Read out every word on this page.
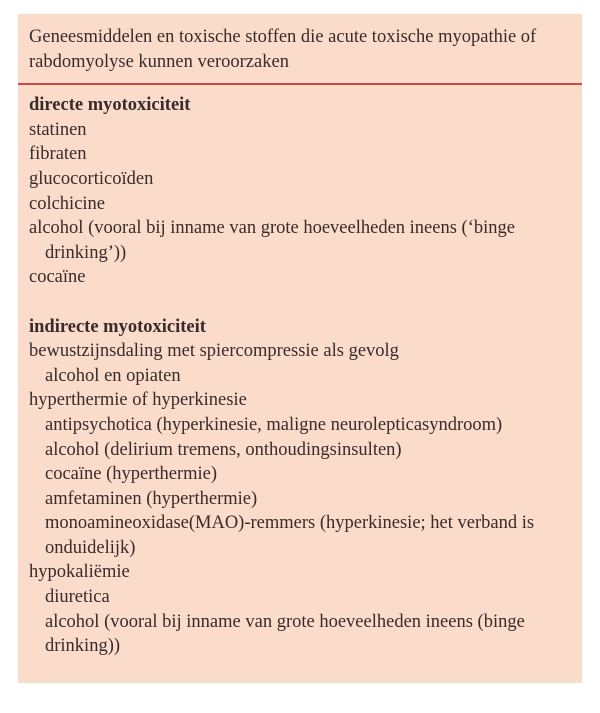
Geneesmiddelen en toxische stoffen die acute toxische myopathie of rabdomyolyse kunnen veroorzaken
directe myotoxiciteit
statinen
fibraten
glucocorticoïden
colchicine
alcohol (vooral bij inname van grote hoeveelheden ineens (‘binge drinking’))
cocaïne
indirecte myotoxiciteit
bewustzijnsdaling met spiercompressie als gevolg
alcohol en opiaten
hyperthermie of hyperkinesie
antipsychotica (hyperkinesie, maligne neurolepticasyndroom)
alcohol (delirium tremens, onthoudingsinsulten)
cocaïne (hyperthermie)
amfetaminen (hyperthermie)
monoamineoxidase(MAO)-remmers (hyperkinesie; het verband is onduidelijk)
hypokaliëmie
diuretica
alcohol (vooral bij inname van grote hoeveelheden ineens (binge drinking))
